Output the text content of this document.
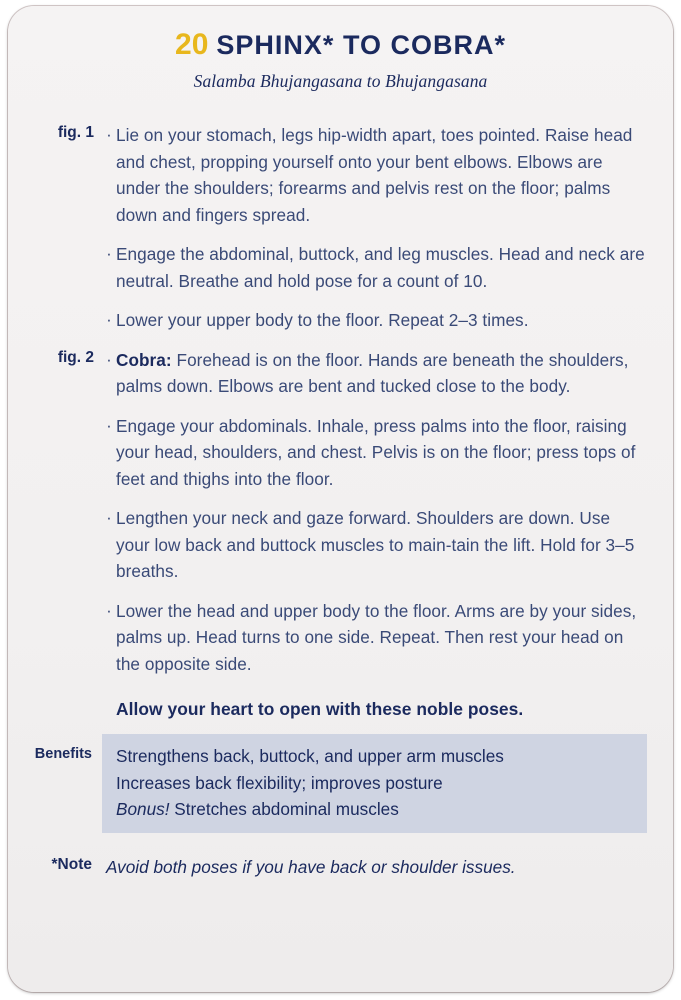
20 SPHINX* TO COBRA*
Salamba Bhujangasana to Bhujangasana
fig. 1 · Lie on your stomach, legs hip-width apart, toes pointed. Raise head and chest, propping yourself onto your bent elbows. Elbows are under the shoulders; forearms and pelvis rest on the floor; palms down and fingers spread.
· Engage the abdominal, buttock, and leg muscles. Head and neck are neutral. Breathe and hold pose for a count of 10.
· Lower your upper body to the floor. Repeat 2–3 times.
fig. 2 · Cobra: Forehead is on the floor. Hands are beneath the shoulders, palms down. Elbows are bent and tucked close to the body.
· Engage your abdominals. Inhale, press palms into the floor, raising your head, shoulders, and chest. Pelvis is on the floor; press tops of feet and thighs into the floor.
· Lengthen your neck and gaze forward. Shoulders are down. Use your low back and buttock muscles to main-tain the lift. Hold for 3–5 breaths.
· Lower the head and upper body to the floor. Arms are by your sides, palms up. Head turns to one side. Repeat. Then rest your head on the opposite side.
Allow your heart to open with these noble poses.
Benefits	Strengthens back, buttock, and upper arm muscles
Increases back flexibility; improves posture
Bonus! Stretches abdominal muscles
*Note Avoid both poses if you have back or shoulder issues.
